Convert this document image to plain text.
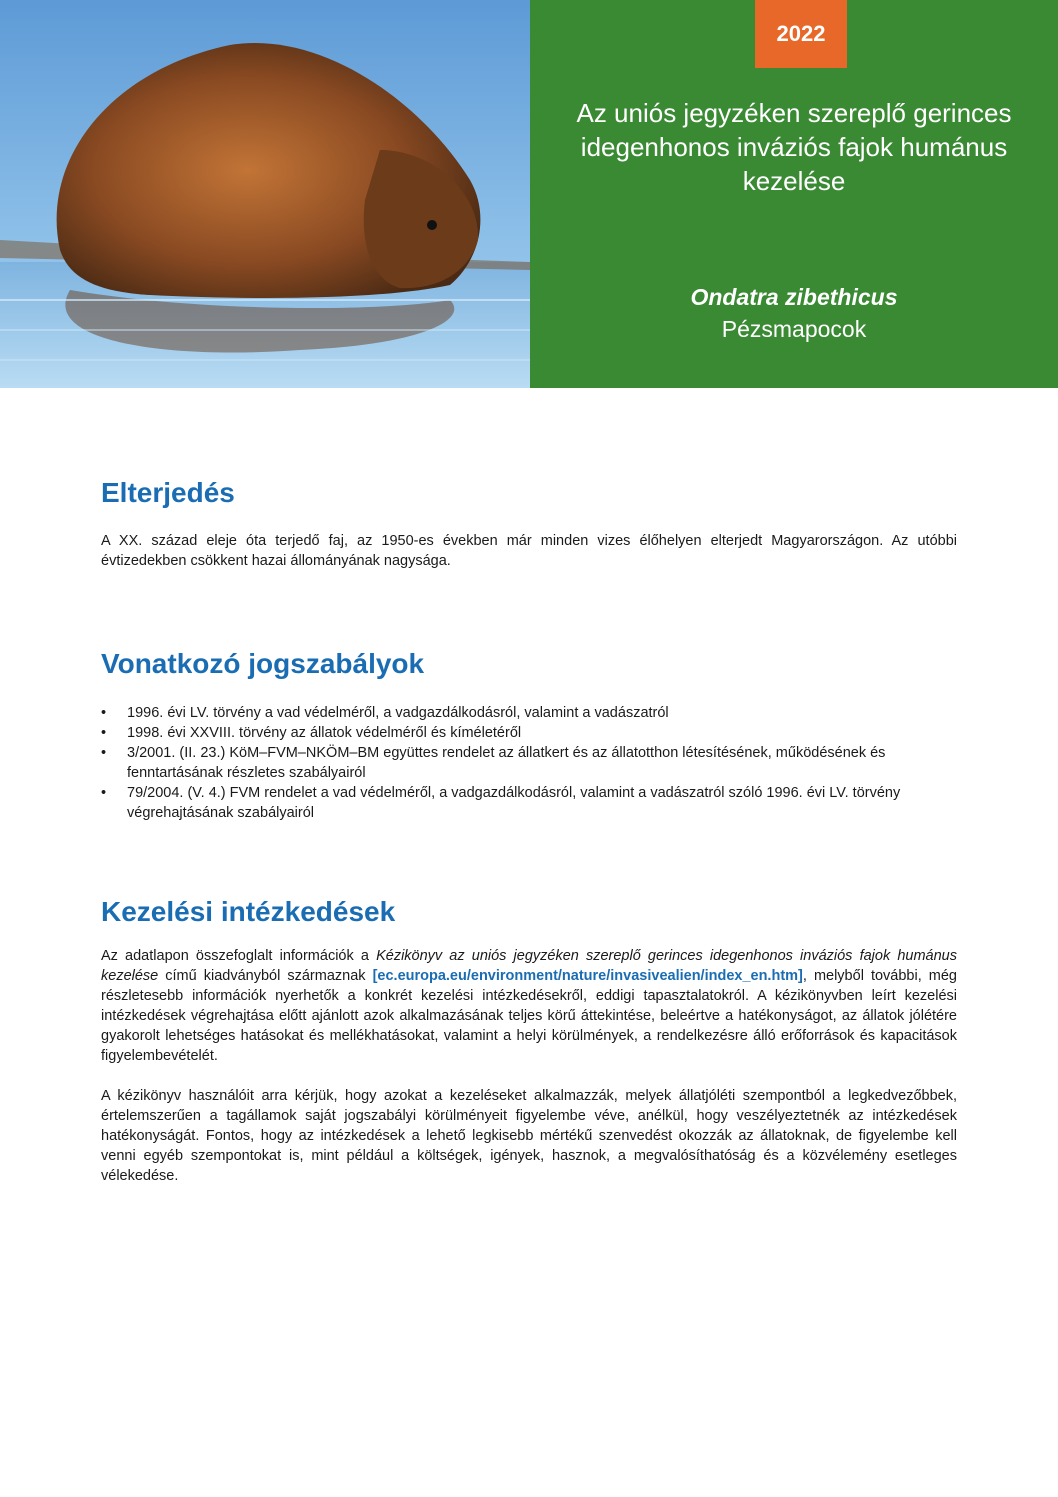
2022
Az uniós jegyzéken szereplő gerinces idegenhonos inváziós fajok humánus kezelése
Ondatra zibethicus
Pézsmapocok
Elterjedés

A XX. század eleje óta terjedő faj, az 1950-es években már minden vizes élőhelyen elterjedt Magyarországon. Az utóbbi évtizedekben csökkent hazai állományának nagysága.

Vonatkozó jogszabályok
• 1996. évi LV. törvény a vad védelméről, a vadgazdálkodásról, valamint a vadászatról
• 1998. évi XXVIII. törvény az állatok védelméről és kíméletéről
• 3/2001. (II. 23.) KöM–FVM–NKÖM–BM együttes rendelet az állatkert és az állatotthon létesítésének, működésének és fenntartásának részletes szabályairól
• 79/2004. (V. 4.) FVM rendelet a vad védelméről, a vadgazdálkodásról, valamint a vadászatról szóló 1996. évi LV. törvény végrehajtásának szabályairól
Kezelési intézkedések

Az adatlapon összefoglalt információk a Kézikönyv az uniós jegyzéken szereplő gerinces idegenhonos inváziós fajok humánus kezelése című kiadványból származnak [ec.europa.eu/environment/nature/invasivealien/index_en.htm], melyből további, még részletesebb információk nyerhetők a konkrét kezelési intézkedésekről, eddigi tapasztalatokról. A kézikönyvben leírt kezelési intézkedések végrehajtása előtt ajánlott azok alkalmazásának teljes körű áttekintése, beleértve a hatékonyságot, az állatok jólétére gyakorolt lehetséges hatásokat és mellékhatásokat, valamint a helyi körülmények, a rendelkezésre álló erőforrások és kapacitások figyelembevételét.

A kézikönyv használóit arra kérjük, hogy azokat a kezeléseket alkalmazzák, melyek állatjóléti szempontból a legkedvezőbbek, értelemszerűen a tagállamok saját jogszabályi körülményeit figyelembe véve, anélkül, hogy veszélyeztetnék az intézkedések hatékonyságát. Fontos, hogy az intézkedések a lehető legkisebb mértékű szenvedést okozzák az állatoknak, de figyelembe kell venni egyéb szempontokat is, mint például a költségek, igények, hasznok, a megvalósíthatóság és a közvélemény esetleges vélekedése.
